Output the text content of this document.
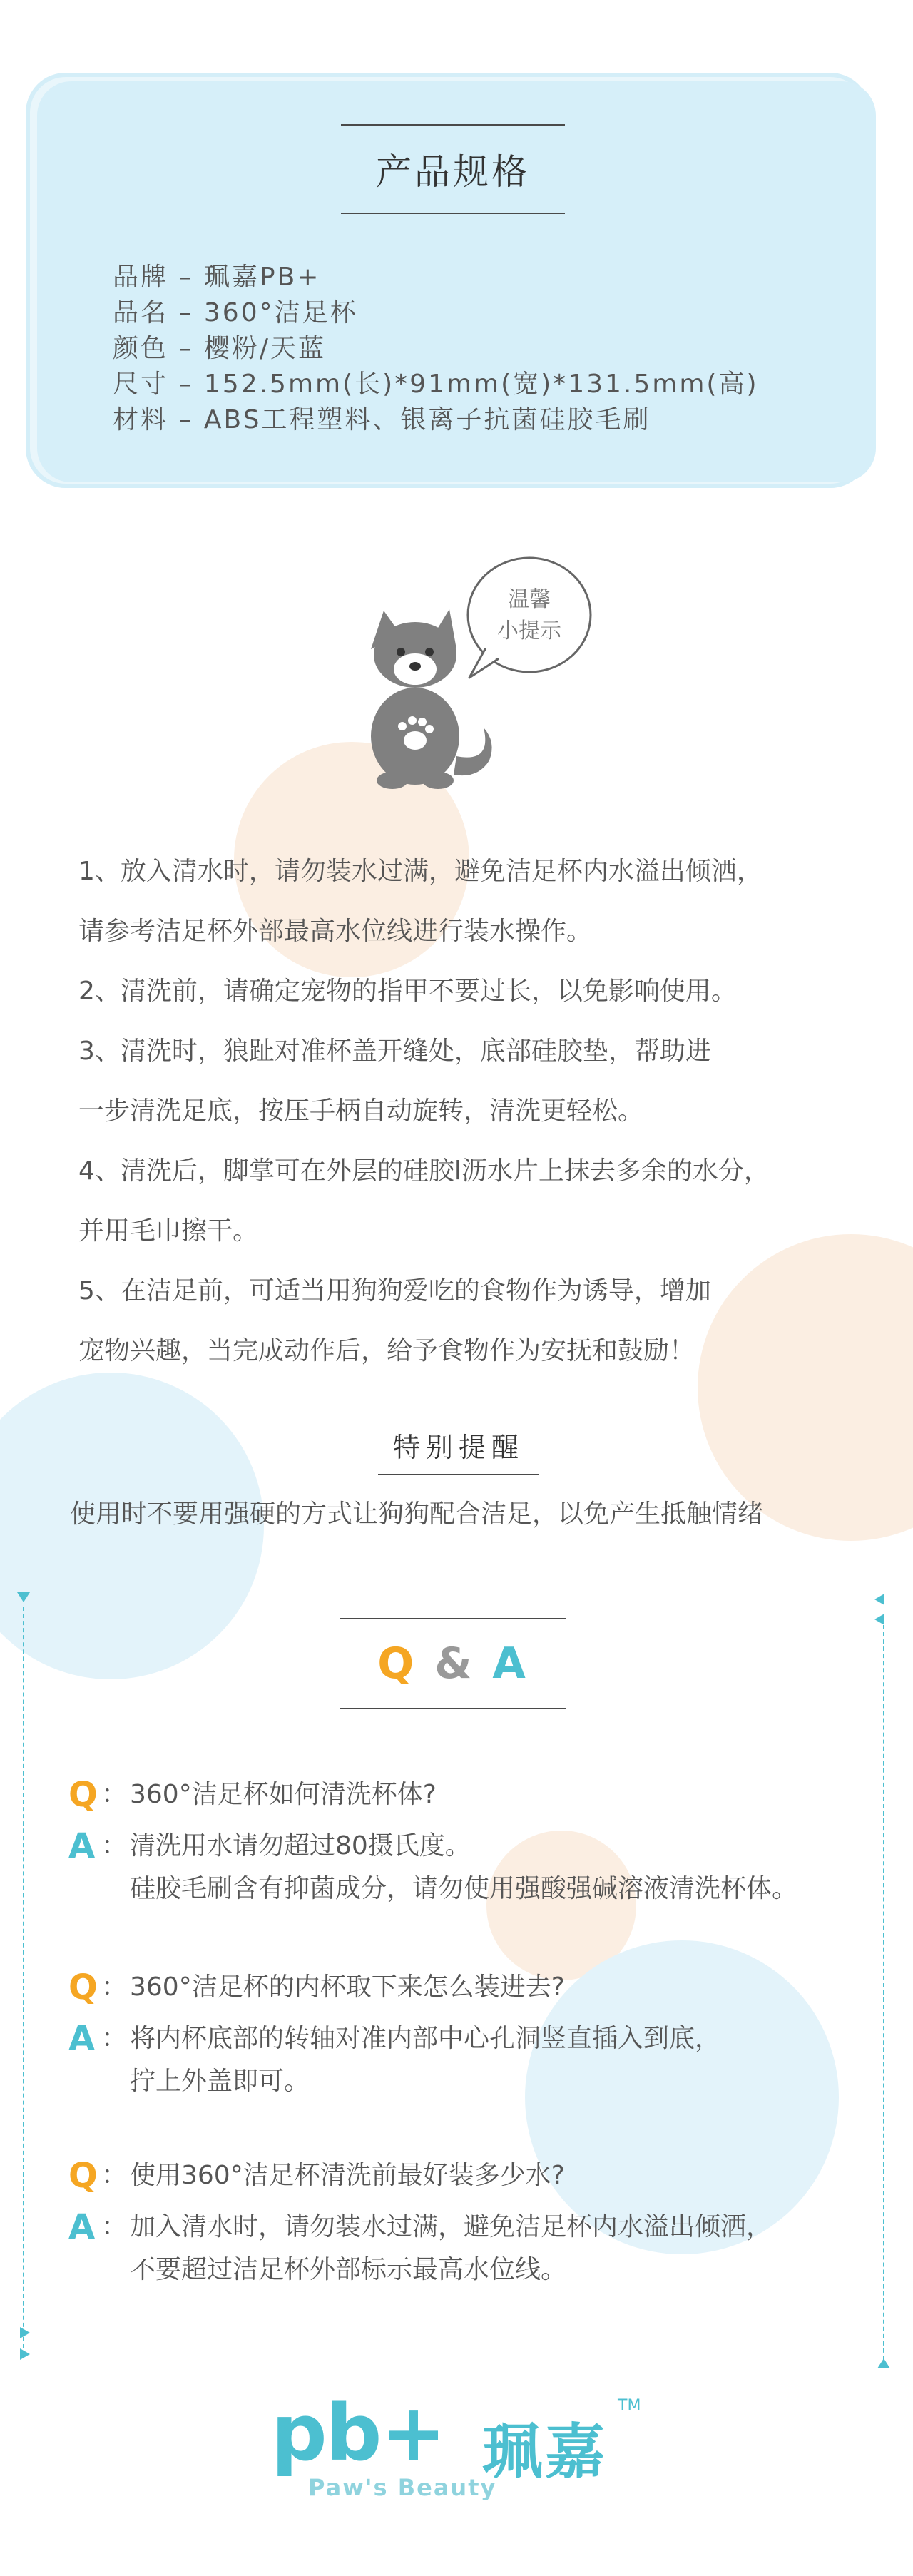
产品规格
品牌 – 珮嘉PB+
品名 – 360°洁足杯
颜色 – 樱粉/天蓝
尺寸 – 152.5mm(长)*91mm(宽)*131.5mm(高)
材料 – ABS工程塑料、银离子抗菌硅胶毛刷
温馨
小提示
1、放入清水时，请勿装水过满，避免洁足杯内水溢出倾洒，
请参考洁足杯外部最高水位线进行装水操作。
2、清洗前，请确定宠物的指甲不要过长，以免影响使用。
3、清洗时，狼趾对准杯盖开缝处，底部硅胶垫，帮助进
一步清洗足底，按压手柄自动旋转，清洗更轻松。
4、清洗后，脚掌可在外层的硅胶l沥水片上抹去多余的水分，
并用毛巾擦干。
5、在洁足前，可适当用狗狗爱吃的食物作为诱导，增加
宠物兴趣，当完成动作后，给予食物作为安抚和鼓励！
特别提醒
使用时不要用强硬的方式让狗狗配合洁足，以免产生抵触情绪
Q & A
Q ： 360°洁足杯如何清洗杯体?
A ： 清洗用水请勿超过80摄氏度。
硅胶毛刷含有抑菌成分，请勿使用强酸强碱溶液清洗杯体。
Q ： 360°洁足杯的内杯取下来怎么装进去?
A ： 将内杯底部的转轴对准内部中心孔洞竖直插入到底，
拧上外盖即可。
Q ： 使用360°洁足杯清洗前最好装多少水?
A ： 加入清水时，请勿装水过满，避免洁足杯内水溢出倾洒，
不要超过洁足杯外部标示最高水位线。
pb+
Paw's Beauty
珮嘉
TM
